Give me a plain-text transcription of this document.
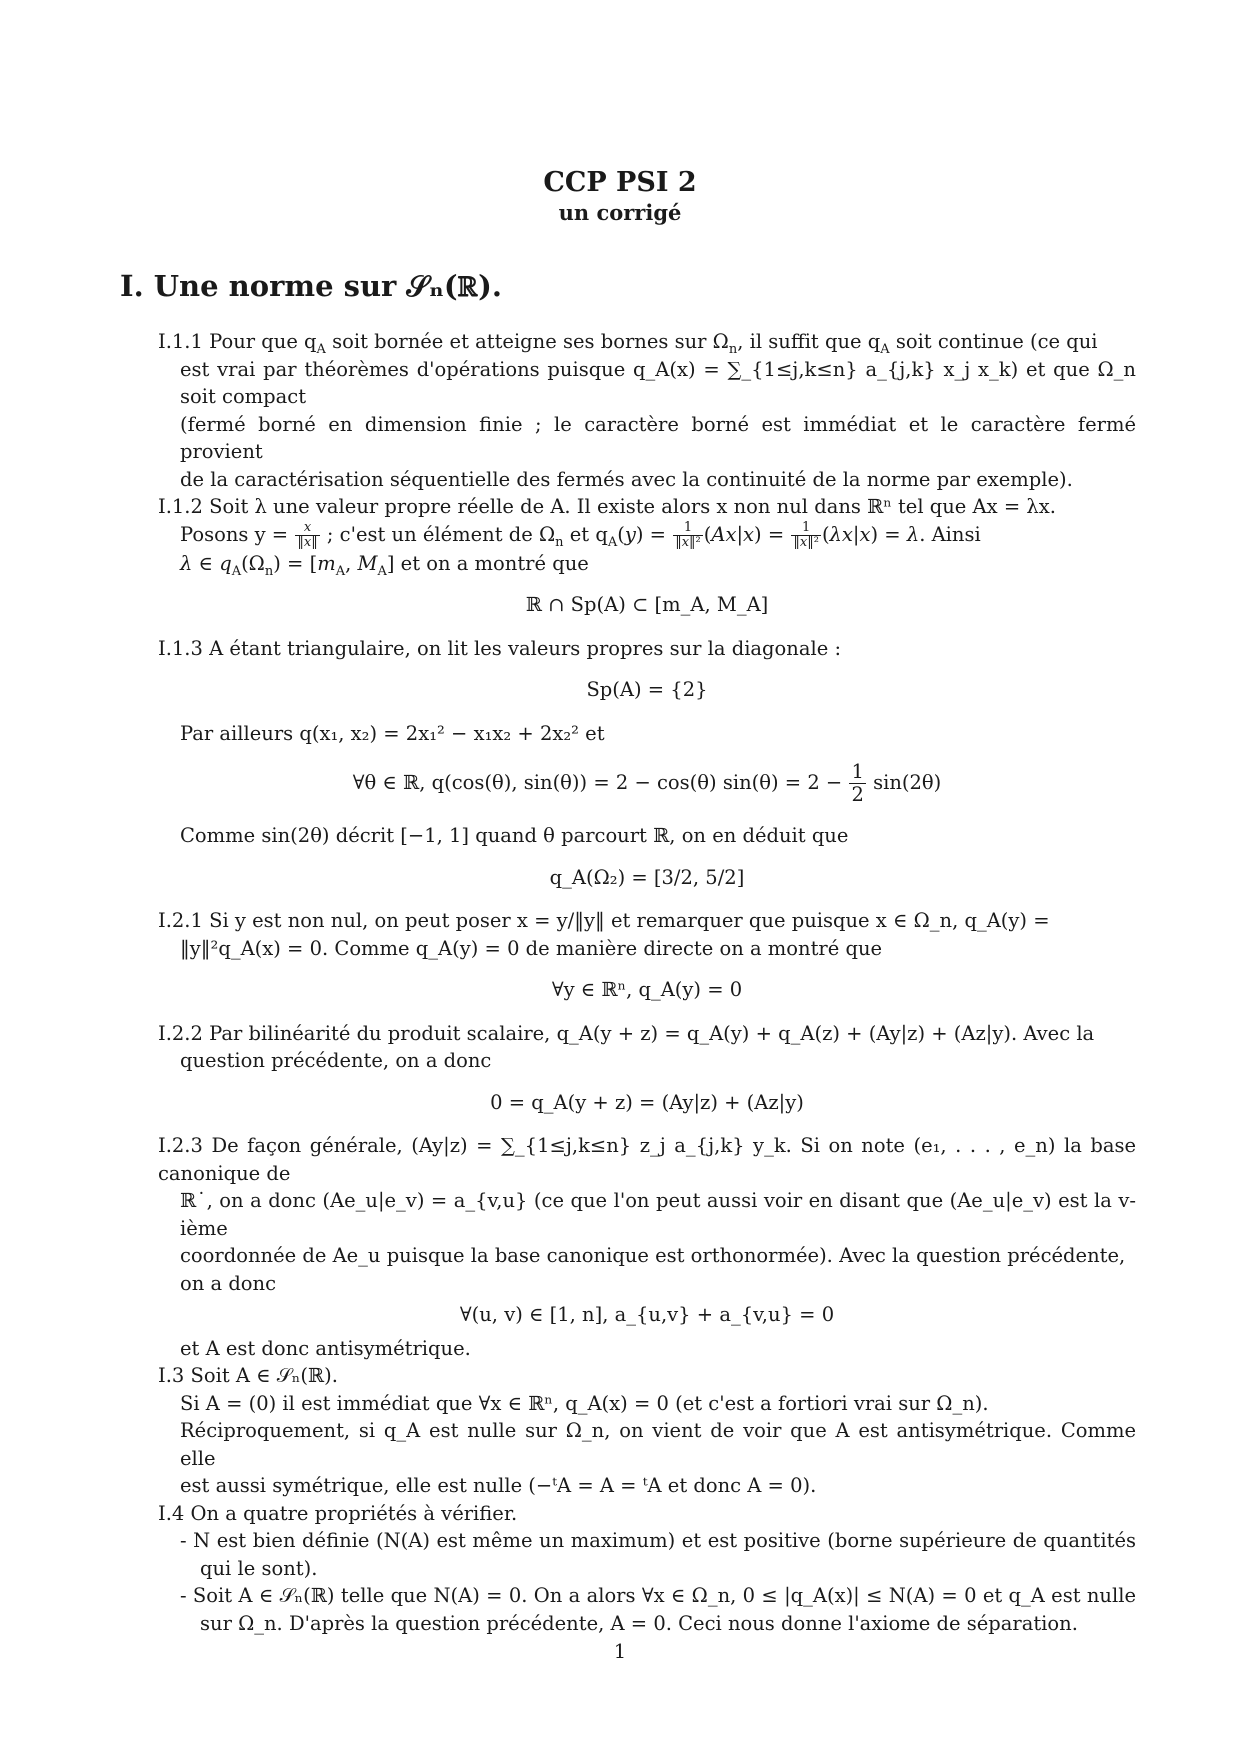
CCP PSI 2
un corrigé
I. Une norme sur 𝒮ₙ(ℝ).

I.1.1 Pour que $q_A$ soit bornée et atteigne ses bornes sur $\Omega_n$, il suffit que $q_A$ soit continue (ce qui

est vrai par théorèmes d'opérations puisque q_A(x) = ∑_{1≤j,k≤n} a_{j,k} x_j x_k) et que Ω_n soit compact

(fermé borné en dimension finie ; le caractère borné est immédiat et le caractère fermé provient

de la caractérisation séquentielle des fermés avec la continuité de la norme par exemple).

I.1.2 Soit λ une valeur propre réelle de A. Il existe alors x non nul dans ℝⁿ tel que Ax = λx.

Posons $y = \frac{x}{‖x‖}$ ; c'est un élément de $\Omega_n$ et $q_A(y) = \frac{1}{\text{‖x‖²}} (Ax|x) = \frac{1}{\text{‖x‖²}} (\lambda x|x) = \lambda$. Ainsi

λ ∈ $q_A(\Omega_n) = [m_A$, $M_A$] et on a montré que

ℝ ∩ Sp(A) ⊂ [m_A, M_A]

I.1.3 A étant triangulaire, on lit les valeurs propres sur la diagonale :

Sp(A) = {2}

Par ailleurs q(x₁, x₂) = 2x₁² − x₁x₂ + 2x₂² et

∀θ ∈ ℝ, q(cos(θ), sin(θ)) = 2 − cos(θ) $\sin(\theta) = 2 - \frac{1}{2} \sin(2\theta)$

Comme sin(2θ) décrit [−1, 1] quand θ parcourt ℝ, on en déduit que

q_A(Ω₂) = [3/2, 5/2]

I.2.1 Si y est non nul, on peut poser x = y/‖y‖ et remarquer que puisque x ∈ Ω_n, q_A(y) =

‖y‖²q_A(x) = 0. Comme q_A(y) = 0 de manière directe on a montré que

∀y ∈ ℝⁿ, q_A(y) = 0

I.2.2 Par bilinéarité du produit scalaire, q_A(y + z) = q_A(y) + q_A(z) + (Ay|z) + (Az|y). Avec la

question précédente, on a donc

0 = q_A(y + z) = (Ay|z) + (Az|y)

I.2.3 De façon générale, (Ay|z) = ∑_{1≤j,k≤n} z_j a_{j,k} y_k. Si on note (e₁, . . . , e_n) la base canonique de

ℝ˙, on a donc (Ae_u|e_v) = a_{v,u} (ce que l'on peut aussi voir en disant que (Ae_u|e_v) est la v-ième

coordonnée de Ae_u puisque la base canonique est orthonormée). Avec la question précédente,

on a donc

∀(u, v) ∈ [1, n], a_{u,v} + a_{v,u} = 0

et A est donc antisymétrique.

I.3 Soit A ∈ 𝒮ₙ(ℝ).

Si A = (0) il est immédiat que ∀x ∈ ℝⁿ, q_A(x) = 0 (et c'est a fortiori vrai sur Ω_n).

Réciproquement, si q_A est nulle sur Ω_n, on vient de voir que A est antisymétrique. Comme elle

est aussi symétrique, elle est nulle (−ᵗA = A = ᵗA et donc A = 0).

I.4 On a quatre propriétés à vérifier.

- N est bien définie (N(A) est même un maximum) et est positive (borne supérieure de quantités qui le sont).

- Soit A ∈ 𝒮ₙ(ℝ) telle que N(A) = 0. On a alors ∀x ∈ Ω_n, 0 ≤ |q_A(x)| ≤ N(A) = 0 et q_A est nulle sur Ω_n. D'après la question précédente, A = 0. Ceci nous donne l'axiome de séparation.

1
